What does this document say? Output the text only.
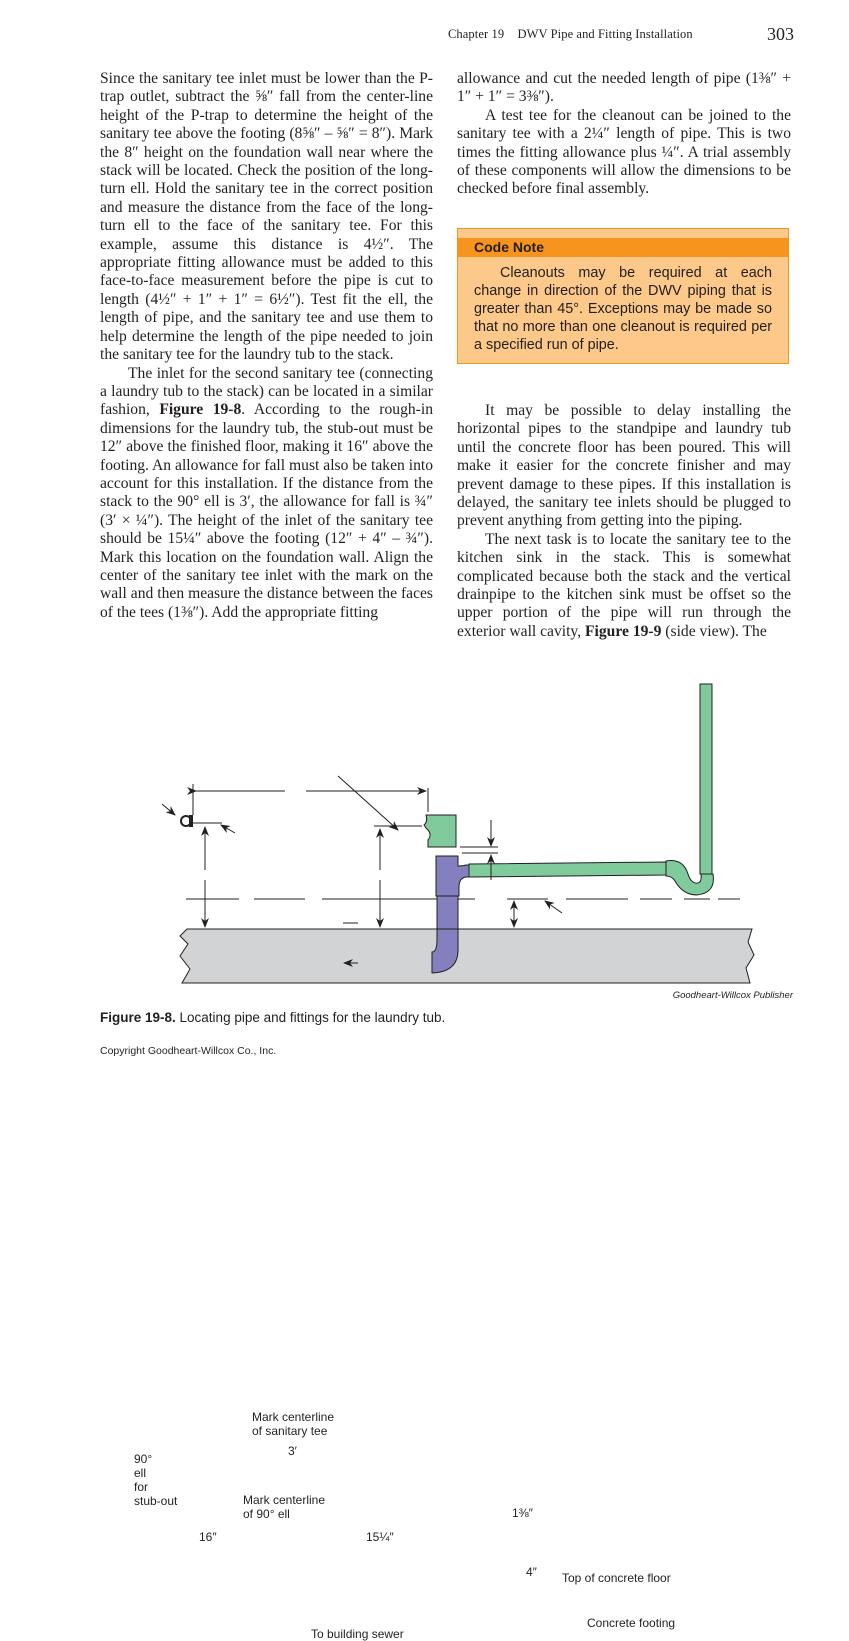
Chapter 19 DWV Pipe and Fitting Installation	303

Since the sanitary tee inlet must be lower than the P-trap outlet, subtract the ⅝″ fall from the center-line height of the P-trap to determine the height of the sanitary tee above the footing (8⅝″ – ⅝″ = 8″). Mark the 8″ height on the foundation wall near where the stack will be located. Check the position of the long-turn ell. Hold the sanitary tee in the correct position and measure the distance from the face of the long-turn ell to the face of the sanitary tee. For this example, assume this distance is 4½″. The appropriate fitting allowance must be added to this face-to-face measurement before the pipe is cut to length (4½″ + 1″ + 1″ = 6½″). Test fit the ell, the length of pipe, and the sanitary tee and use them to help determine the length of the pipe needed to join the sanitary tee for the laundry tub to the stack.

The inlet for the second sanitary tee (connecting a laundry tub to the stack) can be located in a similar fashion, Figure 19-8. According to the rough-in dimensions for the laundry tub, the stub-out must be 12″ above the finished floor, making it 16″ above the footing. An allowance for fall must also be taken into account for this installation. If the distance from the stack to the 90° ell is 3′, the allowance for fall is ¾″ (3′ × ¼″). The height of the inlet of the sanitary tee should be 15¼″ above the footing (12″ + 4″ – ¾″). Mark this location on the foundation wall. Align the center of the sanitary tee inlet with the mark on the wall and then measure the distance between the faces of the tees (1⅜″). Add the appropriate fitting

allowance and cut the needed length of pipe (1⅜″ + 1″ + 1″ = 3⅜″).

A test tee for the cleanout can be joined to the sanitary tee with a 2¼″ length of pipe. This is two times the fitting allowance plus ¼″. A trial assembly of these components will allow the dimensions to be checked before final assembly.

Code Note
Cleanouts may be required at each change in direction of the DWV piping that is greater than 45°. Exceptions may be made so that no more than one cleanout is required per a specified run of pipe.

It may be possible to delay installing the horizontal pipes to the standpipe and laundry tub until the concrete floor has been poured. This will make it easier for the concrete finisher and may prevent damage to these pipes. If this installation is delayed, the sanitary tee inlets should be plugged to prevent anything from getting into the piping.

The next task is to locate the sanitary tee to the kitchen sink in the stack. This is somewhat complicated because both the stack and the vertical drainpipe to the kitchen sink must be offset so the upper portion of the pipe will run through the exterior wall cavity, Figure 19-9 (side view). The

90°
ell
for
stub-out
Mark centerline
of sanitary tee
3′
Mark centerline
of 90° ell
16″	15¼″
1⅜″
4″ Top of concrete floor
Concrete footing
To building sewer
Goodheart-Willcox Publisher
Figure 19-8. Locating pipe and fittings for the laundry tub.
Copyright Goodheart-Willcox Co., Inc.
